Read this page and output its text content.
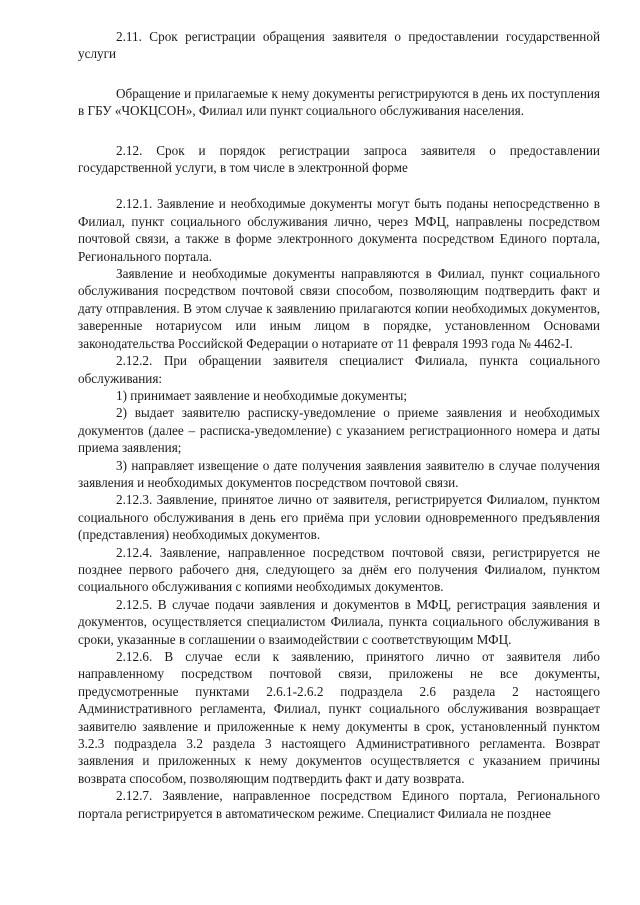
2.11. Срок регистрации обращения заявителя о предоставлении государственной услуги

Обращение и прилагаемые к нему документы регистрируются в день их поступления в ГБУ «ЧОКЦСОН», Филиал или пункт социального обслуживания населения.

2.12. Срок и порядок регистрации запроса заявителя о предоставлении государственной услуги, в том числе в электронной форме

2.12.1. Заявление и необходимые документы могут быть поданы непосредственно в Филиал, пункт социального обслуживания лично, через МФЦ, направлены посредством почтовой связи, а также в форме электронного документа посредством Единого портала, Регионального портала.

Заявление и необходимые документы направляются в Филиал, пункт социального обслуживания посредством почтовой связи способом, позволяющим подтвердить факт и дату отправления. В этом случае к заявлению прилагаются копии необходимых документов, заверенные нотариусом или иным лицом в порядке, установленном Основами законодательства Российской Федерации о нотариате от 11 февраля 1993 года № 4462-I.

2.12.2. При обращении заявителя специалист Филиала, пункта социального обслуживания:

1) принимает заявление и необходимые документы;

2) выдает заявителю расписку-уведомление о приеме заявления и необходимых документов (далее – расписка-уведомление) с указанием регистрационного номера и даты приема заявления;

3) направляет извещение о дате получения заявления заявителю в случае получения заявления и необходимых документов посредством почтовой связи.

2.12.3. Заявление, принятое лично от заявителя, регистрируется Филиалом, пунктом социального обслуживания в день его приёма при условии одновременного предъявления (представления) необходимых документов.

2.12.4. Заявление, направленное посредством почтовой связи, регистрируется не позднее первого рабочего дня, следующего за днём его получения Филиалом, пунктом социального обслуживания с копиями необходимых документов.

2.12.5. В случае подачи заявления и документов в МФЦ, регистрация заявления и документов, осуществляется специалистом Филиала, пункта социального обслуживания в сроки, указанные в соглашении о взаимодействии с соответствующим МФЦ.

2.12.6. В случае если к заявлению, принятого лично от заявителя либо направленному посредством почтовой связи, приложены не все документы, предусмотренные пунктами 2.6.1-2.6.2 подраздела 2.6 раздела 2 настоящего Административного регламента, Филиал, пункт социального обслуживания возвращает заявителю заявление и приложенные к нему документы в срок, установленный пунктом 3.2.3 подраздела 3.2 раздела 3 настоящего Административного регламента. Возврат заявления и приложенных к нему документов осуществляется с указанием причины возврата способом, позволяющим подтвердить факт и дату возврата.

2.12.7. Заявление, направленное посредством Единого портала, Регионального портала регистрируется в автоматическом режиме. Специалист Филиала не позднее
